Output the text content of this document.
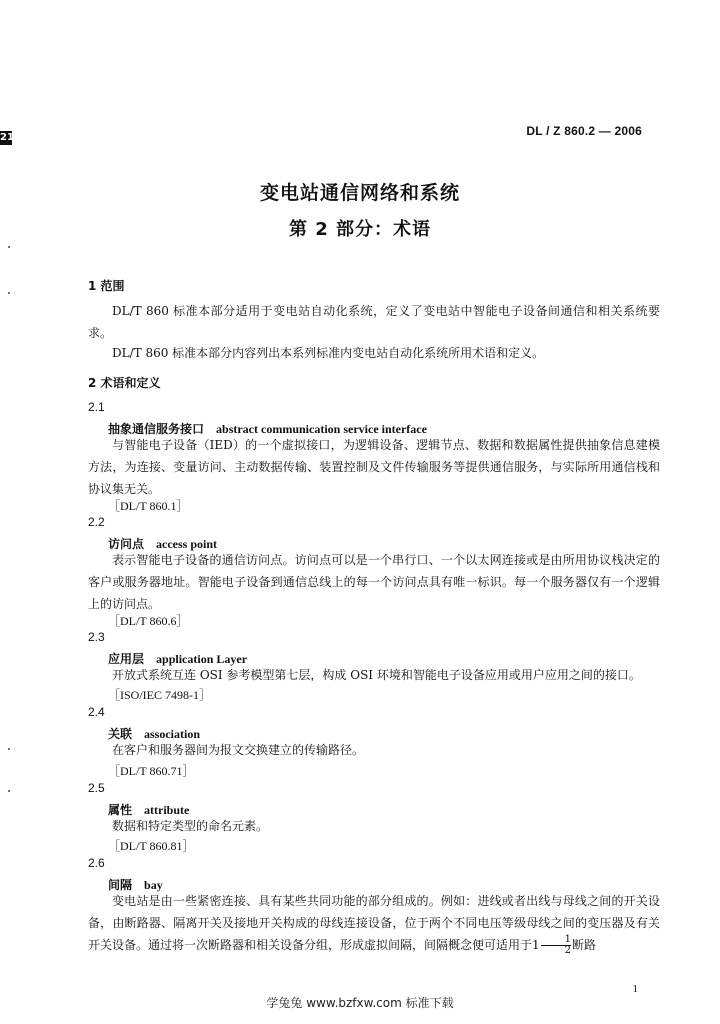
21	DL / Z 860.2 — 2006
变电站通信网络和系统
第 2 部分：术语
1 范围
DL/T 860 标准本部分适用于变电站自动化系统，定义了变电站中智能电子设备间通信和相关系统要求。
DL/T 860 标准本部分内容列出本系列标准内变电站自动化系统所用术语和定义。
2 术语和定义
2.1
抽象通信服务接口 abstract communication service interface
与智能电子设备（IED）的一个虚拟接口，为逻辑设备、逻辑节点、数据和数据属性提供抽象信息建模方法，为连接、变量访问、主动数据传输、装置控制及文件传输服务等提供通信服务，与实际所用通信栈和协议集无关。
［DL/T 860.1］
2.2
访问点 access point
表示智能电子设备的通信访问点。访问点可以是一个串行口、一个以太网连接或是由所用协议栈决定的客户或服务器地址。智能电子设备到通信总线上的每一个访问点具有唯一标识。每一个服务器仅有一个逻辑上的访问点。
［DL/T 860.6］
2.3
应用层 application Layer
开放式系统互连 OSI 参考模型第七层，构成 OSI 环境和智能电子设备应用或用户应用之间的接口。
［ISO/IEC 7498-1］
2.4
关联 association
在客户和服务器间为报文交换建立的传输路径。
［DL/T 860.71］
2.5
属性 attribute
数据和特定类型的命名元素。
［DL/T 860.81］
2.6
间隔 bay
变电站是由一些紧密连接、具有某些共同功能的部分组成的。例如：进线或者出线与母线之间的开关设备，由断路器、隔离开关及接地开关构成的母线连接设备，位于两个不同电压等级母线之间的变压器及有关开关设备。通过将一次断路器和相关设备分组，形成虚拟间隔，间隔概念便可适用于$1 \frac{1}{2}$ 断路
1
学兔兔 www.bzfxw.com 标准下载
